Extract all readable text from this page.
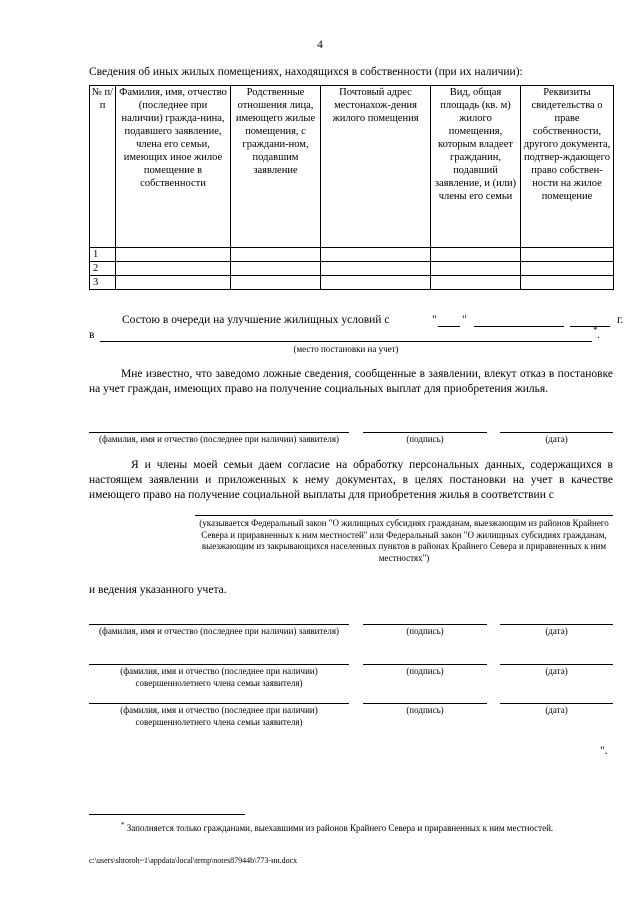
4
Сведения об иных жилых помещениях, находящихся в собственности (при их наличии):
№ п/п	Фамилия, имя, отчество (последнее при наличии) гражда-нина, подавшего заявление, члена его семьи, имеющих иное жилое помещение в собственности	Родственные отношения лица, имеющего жилые помещения, с граждани-ном, подавшим заявление	Почтовый адрес местонахож-дения жилого помещения	Вид, общая площадь (кв. м) жилого помещения, которым владеет гражданин, подавший заявление, и (или) члены его семьи	Реквизиты свидетельства о праве собственности, другого документа, подтвер-ждающего право собствен-ности на жилое помещение
1					
2					
3					
Состою в очереди на улучшение жилищных условий с	" "	г.
в	* .
(место постановки на учет)
Мне известно, что заведомо ложные сведения, сообщенные в заявлении, влекут отказ в постановке на учет граждан, имеющих право на получение социальных выплат для приобретения жилья.
(фамилия, имя и отчество (последнее при наличии) заявителя)	(подпись)	(дата)
Я и члены моей семьи даем согласие на обработку персональных данных, содержащихся в настоящем заявлении и приложенных к нему документах, в целях постановки на учет в качестве имеющего право на получение социальной выплаты для приобретения жилья в соответствии с
(указывается Федеральный закон "О жилищных субсидиях гражданам, выезжающим из районов Крайнего Севера и приравненных к ним местностей" или Федеральный закон "О жилищных субсидиях гражданам, выезжающим из закрывающихся населенных пунктов в районах Крайнего Севера и приравненных к ним местностях")
и ведения указанного учета.
(фамилия, имя и отчество (последнее при наличии) заявителя)	(подпись)	(дата)
(фамилия, имя и отчество (последнее при наличии) совершеннолетнего члена семьи заявителя)
(подпись)	(дата)
(фамилия, имя и отчество (последнее при наличии) совершеннолетнего члена семьи заявителя)
(подпись)	(дата)
".
* Заполняется только гражданами, выехавшими из районов Крайнего Севера и приравненных к ним местностей.
c:\users\shtoroh~1\appdata\local\temp\notes87944b\773-ин.docx
